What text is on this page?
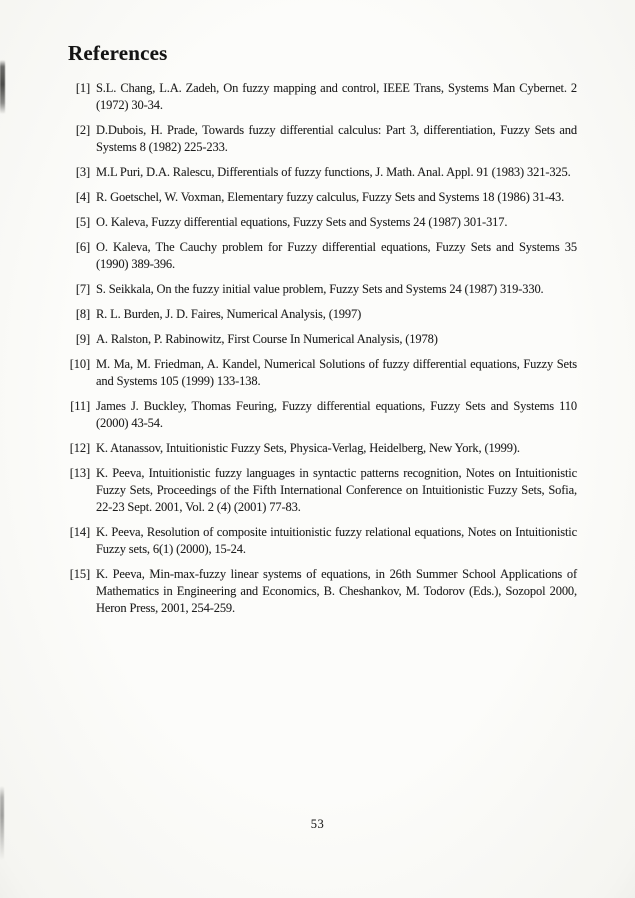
References
[1] S.L. Chang, L.A. Zadeh, On fuzzy mapping and control, IEEE Trans, Systems Man Cybernet. 2 (1972) 30-34.
[2] D.Dubois, H. Prade, Towards fuzzy differential calculus: Part 3, differentiation, Fuzzy Sets and Systems 8 (1982) 225-233.
[3] M.L Puri, D.A. Ralescu, Differentials of fuzzy functions, J. Math. Anal. Appl. 91 (1983) 321-325.
[4] R. Goetschel, W. Voxman, Elementary fuzzy calculus, Fuzzy Sets and Systems 18 (1986) 31-43.
[5] O. Kaleva, Fuzzy differential equations, Fuzzy Sets and Systems 24 (1987) 301-317.
[6] O. Kaleva, The Cauchy problem for Fuzzy differential equations, Fuzzy Sets and Systems 35 (1990) 389-396.
[7] S. Seikkala, On the fuzzy initial value problem, Fuzzy Sets and Systems 24 (1987) 319-330.
[8] R. L. Burden, J. D. Faires, Numerical Analysis, (1997)
[9] A. Ralston, P. Rabinowitz, First Course In Numerical Analysis, (1978)
[10] M. Ma, M. Friedman, A. Kandel, Numerical Solutions of fuzzy differential equations, Fuzzy Sets and Systems 105 (1999) 133-138.
[11] James J. Buckley, Thomas Feuring, Fuzzy differential equations, Fuzzy Sets and Systems 110 (2000) 43-54.
[12] K. Atanassov, Intuitionistic Fuzzy Sets, Physica-Verlag, Heidelberg, New York, (1999).
[13] K. Peeva, Intuitionistic fuzzy languages in syntactic patterns recognition, Notes on Intuitionistic Fuzzy Sets, Proceedings of the Fifth International Conference on Intuitionistic Fuzzy Sets, Sofia, 22-23 Sept. 2001, Vol. 2 (4) (2001) 77-83.
[14] K. Peeva, Resolution of composite intuitionistic fuzzy relational equations, Notes on Intuitionistic Fuzzy sets, 6(1) (2000), 15-24.
[15] K. Peeva, Min-max-fuzzy linear systems of equations, in 26th Summer School Applications of Mathematics in Engineering and Economics, B. Cheshankov, M. Todorov (Eds.), Sozopol 2000, Heron Press, 2001, 254-259.
53
